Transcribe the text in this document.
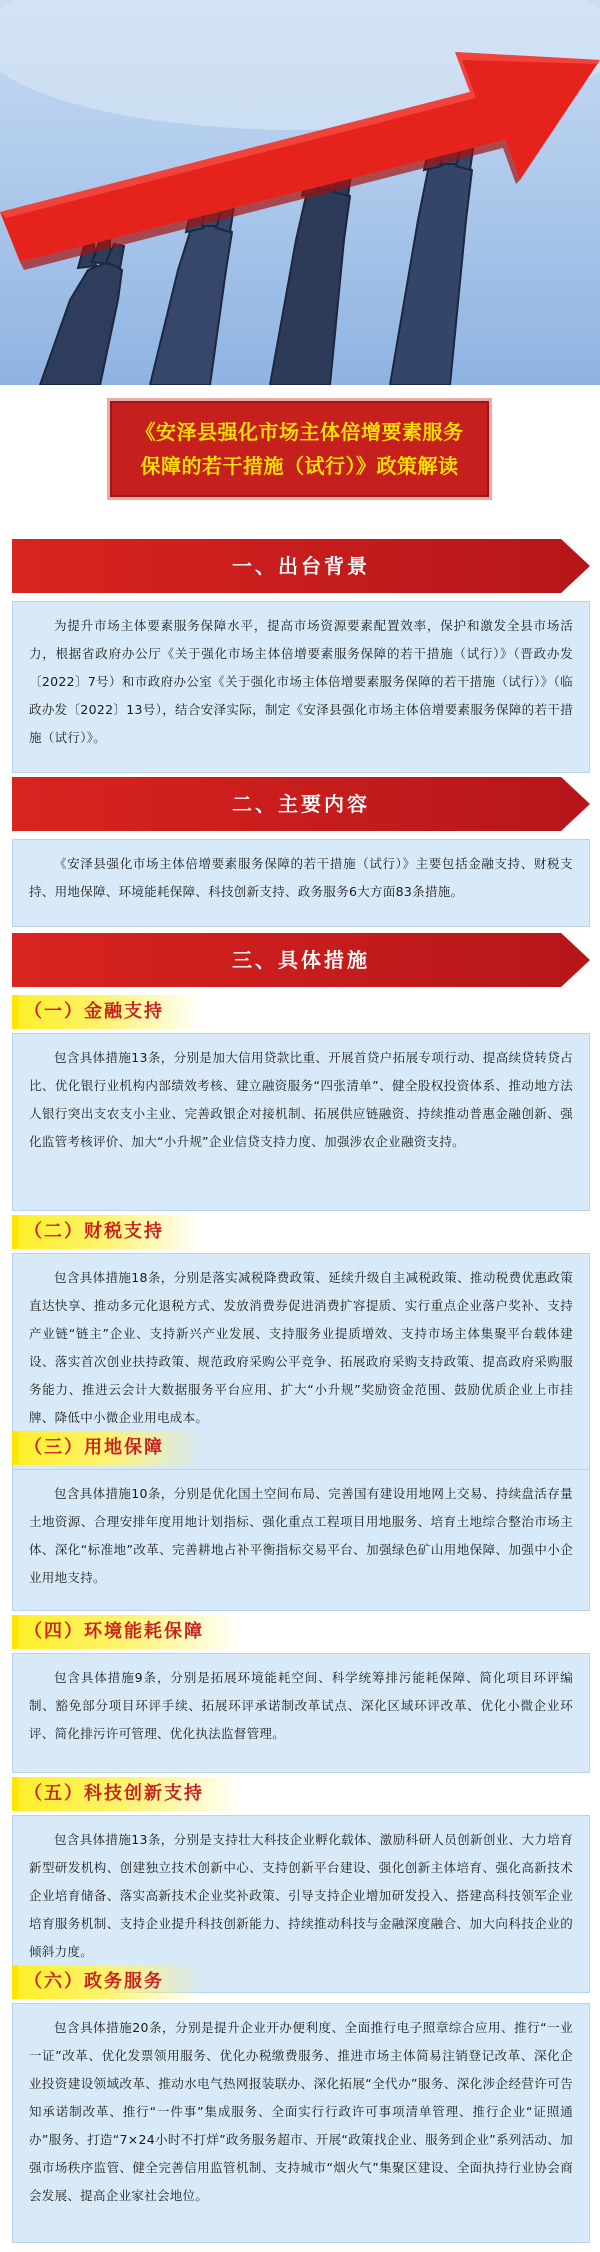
《安泽县强化市场主体倍增要素服务
保障的若干措施（试行）》政策解读
一、出台背景

为提升市场主体要素服务保障水平，提高市场资源要素配置效率，保护和激发全县市场活力，根据省政府办公厅《关于强化市场主体倍增要素服务保障的若干措施（试行）》（晋政办发〔2022〕7号）和市政府办公室《关于强化市场主体倍增要素服务保障的若干措施（试行）》（临政办发〔2022〕13号），结合安泽实际，制定《安泽县强化市场主体倍增要素服务保障的若干措施（试行）》。

二、主要内容

《安泽县强化市场主体倍增要素服务保障的若干措施（试行）》主要包括金融支持、财税支持、用地保障、环境能耗保障、科技创新支持、政务服务6大方面83条措施。

三、具体措施
（一）金融支持

包含具体措施13条，分别是加大信用贷款比重、开展首贷户拓展专项行动、提高续贷转贷占比、优化银行业机构内部绩效考核、建立融资服务“四张清单”、健全股权投资体系、推动地方法人银行突出支农支小主业、完善政银企对接机制、拓展供应链融资、持续推动普惠金融创新、强化监管考核评价、加大“小升规”企业信贷支持力度、加强涉农企业融资支持。

（二）财税支持

包含具体措施18条，分别是落实减税降费政策、延续升级自主减税政策、推动税费优惠政策直达快享、推动多元化退税方式、发放消费券促进消费扩容提质、实行重点企业落户奖补、支持产业链“链主”企业、支持新兴产业发展、支持服务业提质增效、支持市场主体集聚平台载体建设、落实首次创业扶持政策、规范政府采购公平竞争、拓展政府采购支持政策、提高政府采购服务能力、推进云会计大数据服务平台应用、扩大“小升规”奖励资金范围、鼓励优质企业上市挂牌、降低中小微企业用电成本。

（三）用地保障

包含具体措施10条，分别是优化国土空间布局、完善国有建设用地网上交易、持续盘活存量土地资源、合理安排年度用地计划指标、强化重点工程项目用地服务、培育土地综合整治市场主体、深化“标准地”改革、完善耕地占补平衡指标交易平台、加强绿色矿山用地保障、加强中小企业用地支持。

（四）环境能耗保障

包含具体措施9条，分别是拓展环境能耗空间、科学统筹排污能耗保障、简化项目环评编制、豁免部分项目环评手续、拓展环评承诺制改革试点、深化区域环评改革、优化小微企业环评、简化排污许可管理、优化执法监督管理。

（五）科技创新支持

包含具体措施13条，分别是支持壮大科技企业孵化载体、激励科研人员创新创业、大力培育新型研发机构、创建独立技术创新中心、支持创新平台建设、强化创新主体培育、强化高新技术企业培育储备、落实高新技术企业奖补政策、引导支持企业增加研发投入、搭建高科技领军企业培育服务机制、支持企业提升科技创新能力、持续推动科技与金融深度融合、加大向科技企业的倾斜力度。

（六）政务服务

包含具体措施20条，分别是提升企业开办便利度、全面推行电子照章综合应用、推行“一业一证”改革、优化发票领用服务、优化办税缴费服务、推进市场主体简易注销登记改革、深化企业投资建设领域改革、推动水电气热网报装联办、深化拓展“全代办”服务、深化涉企经营许可告知承诺制改革、推行“一件事”集成服务、全面实行行政许可事项清单管理、推行企业“证照通办”服务、打造“7×24小时不打烊”政务服务超市、开展“政策找企业、服务到企业”系列活动、加强市场秩序监管、健全完善信用监管机制、支持城市“烟火气”集聚区建设、全面执持行业协会商会发展、提高企业家社会地位。
